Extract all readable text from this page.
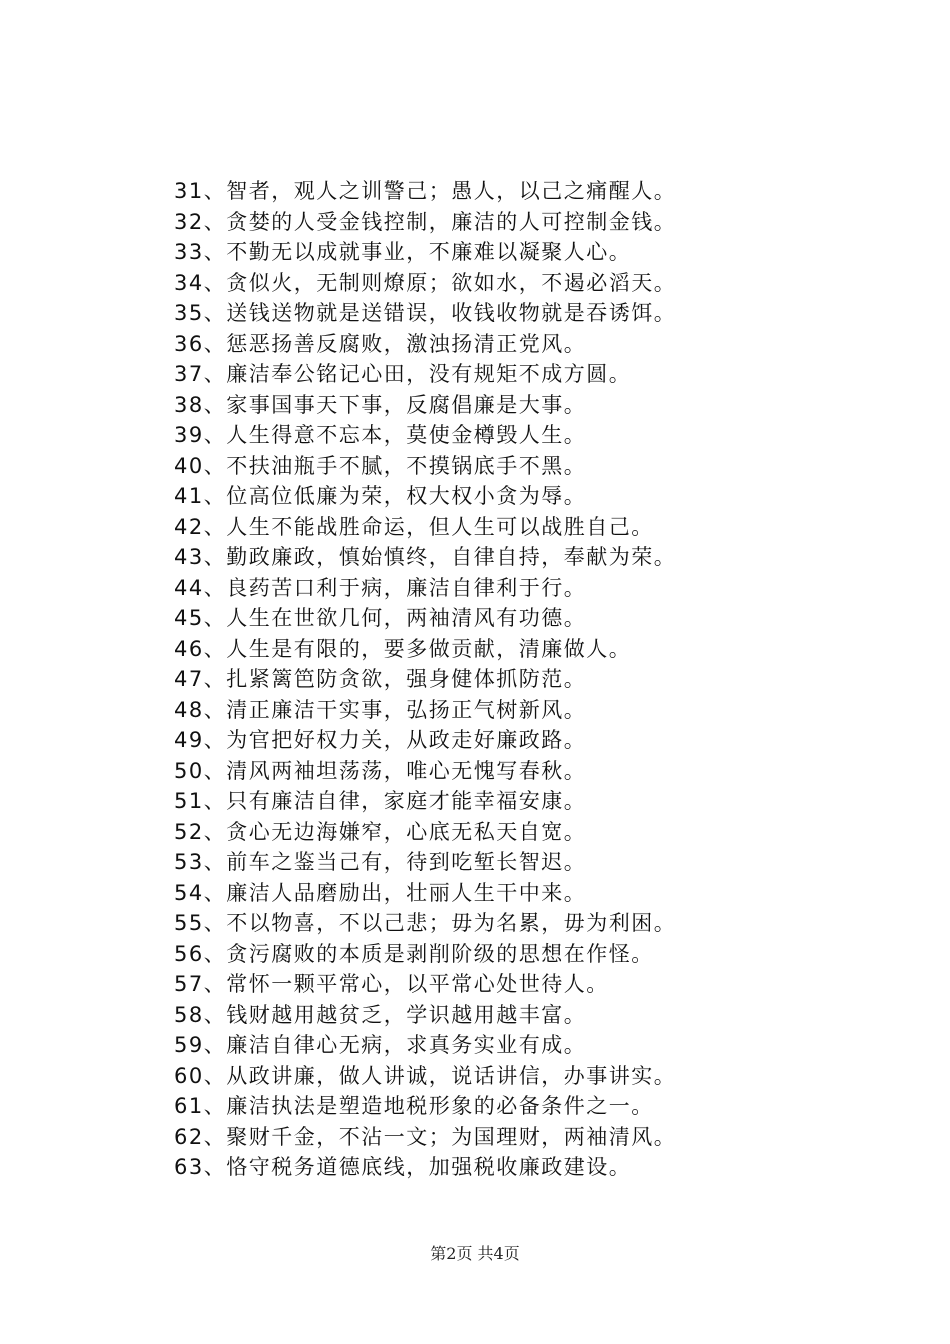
31、智者，观人之训警己；愚人，以己之痛醒人。
32、贪婪的人受金钱控制，廉洁的人可控制金钱。
33、不勤无以成就事业，不廉难以凝聚人心。
34、贪似火，无制则燎原；欲如水，不遏必滔天。
35、送钱送物就是送错误，收钱收物就是吞诱饵。
36、惩恶扬善反腐败，激浊扬清正党风。
37、廉洁奉公铭记心田，没有规矩不成方圆。
38、家事国事天下事，反腐倡廉是大事。
39、人生得意不忘本，莫使金樽毁人生。
40、不扶油瓶手不腻，不摸锅底手不黑。
41、位高位低廉为荣，权大权小贪为辱。
42、人生不能战胜命运，但人生可以战胜自己。
43、勤政廉政，慎始慎终，自律自持，奉献为荣。
44、良药苦口利于病，廉洁自律利于行。
45、人生在世欲几何，两袖清风有功德。
46、人生是有限的，要多做贡献，清廉做人。
47、扎紧篱笆防贪欲，强身健体抓防范。
48、清正廉洁干实事，弘扬正气树新风。
49、为官把好权力关，从政走好廉政路。
50、清风两袖坦荡荡，唯心无愧写春秋。
51、只有廉洁自律，家庭才能幸福安康。
52、贪心无边海嫌窄，心底无私天自宽。
53、前车之鉴当己有，待到吃堑长智迟。
54、廉洁人品磨励出，壮丽人生干中来。
55、不以物喜，不以己悲；毋为名累，毋为利困。
56、贪污腐败的本质是剥削阶级的思想在作怪。
57、常怀一颗平常心，以平常心处世待人。
58、钱财越用越贫乏，学识越用越丰富。
59、廉洁自律心无病，求真务实业有成。
60、从政讲廉，做人讲诚，说话讲信，办事讲实。
61、廉洁执法是塑造地税形象的必备条件之一。
62、聚财千金，不沾一文；为国理财，两袖清风。
63、恪守税务道德底线，加强税收廉政建设。
第2页 共4页
